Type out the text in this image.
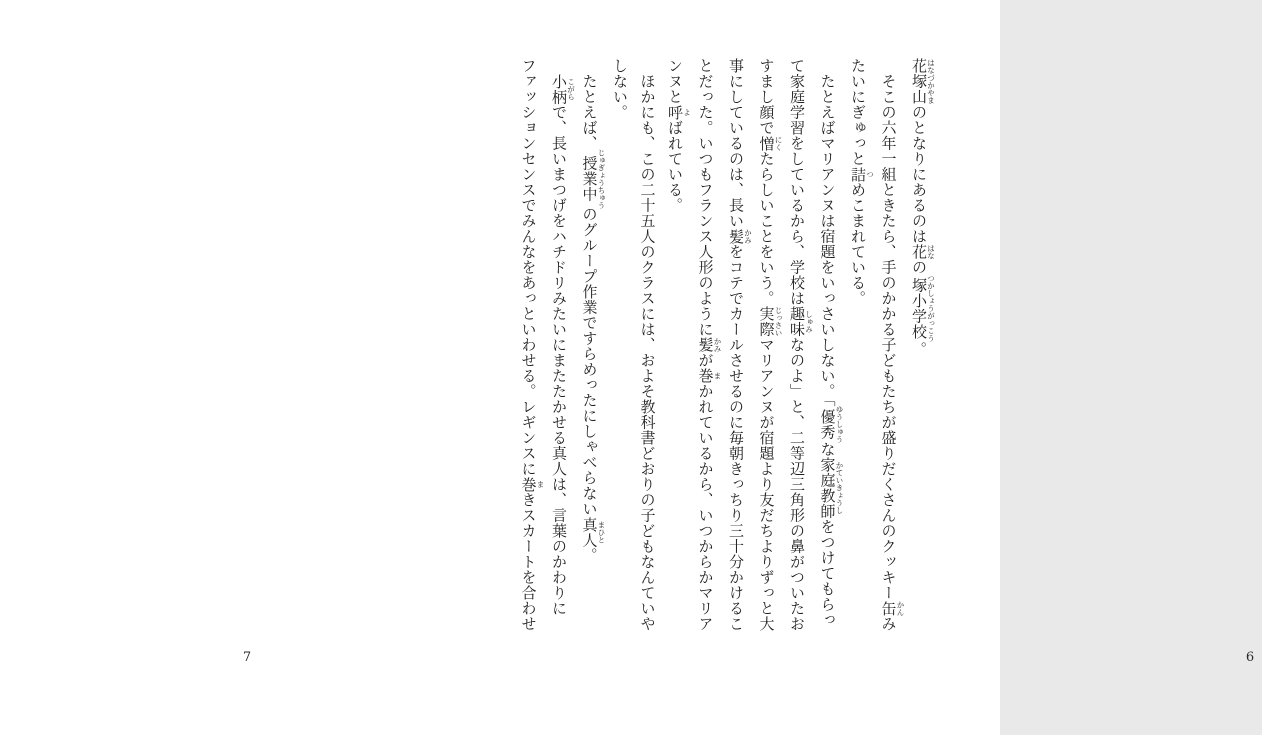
7
花塚山はなづかやまのとなりにあるのは花はなの塚小学校つかしょうがっこう。
　そこの六年一組ときたら、手のかかる子どもたちが盛りだくさんのクッキー缶かんみ
たいにぎゅっと詰つめこまれている。
　たとえばマリアンヌは宿題をいっさいしない。「優秀ゆうしゅうな家庭教師かていきょうしをつけてもらっ
て家庭学習をしているから、学校は趣味しゅみなのよ」と、二等辺三角形の鼻がついたお
すまし顔で憎にくたらしいことをいう。実際じっさいマリアンヌが宿題より友だちよりずっと大
事にしているのは、長い髪かみをコテでカールさせるのに毎朝きっちり三十分かけるこ
とだった。いつもフランス人形のように髪かみが巻まかれているから、いつからかマリア
ンヌと呼よばれている。
　ほかにも、この二十五人のクラスには、およそ教科書どおりの子どもなんていや
しない。
　たとえば、授業中じゅぎょうちゅうのグループ作業ですらめったにしゃべらない真人まひと。
　小柄こがらで、長いまつげをハチドリみたいにまたたかせる真人は、言葉のかわりに
ファッションセンスでみんなをあっといわせる。レギンスに巻まきスカートを合わせ
6
